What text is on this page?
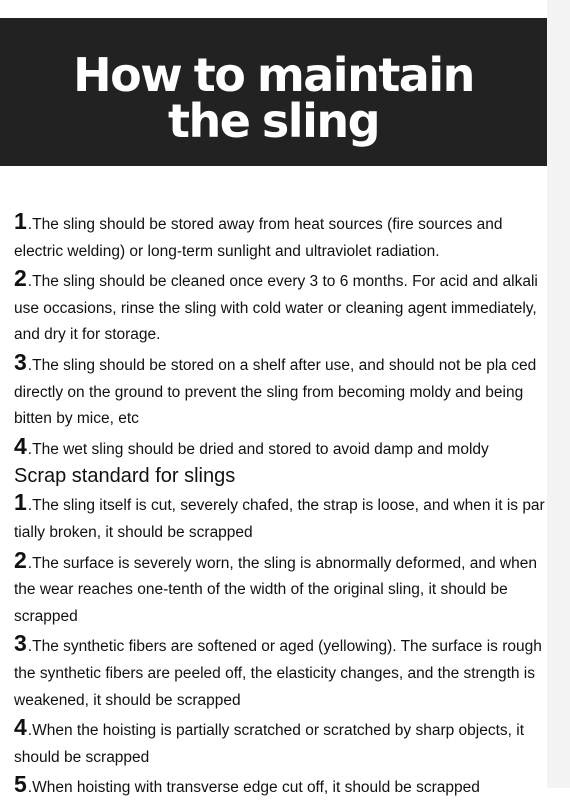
How to maintain
the sling

1.The sling should be stored away from heat sources (fire sources and electric welding) or long-term sunlight and ultraviolet radiation.

2.The sling should be cleaned once every 3 to 6 months. For acid and alkali use occasions, rinse the sling with cold water or cleaning agent immediately, and dry it for storage.

3.The sling should be stored on a shelf after use, and should not be pla ced directly on the ground to prevent the sling from becoming moldy and being bitten by mice, etc

4.The wet sling should be dried and stored to avoid damp and moldy

Scrap standard for slings

1.The sling itself is cut, severely chafed, the strap is loose, and when it is par tially broken, it should be scrapped

2.The surface is severely worn, the sling is abnormally deformed, and when the wear reaches one-tenth of the width of the original sling, it should be scrapped

3.The synthetic fibers are softened or aged (yellowing). The surface is rough the synthetic fibers are peeled off, the elasticity changes, and the strength is weakened, it should be scrapped

4.When the hoisting is partially scratched or scratched by sharp objects, it should be scrapped

5.When hoisting with transverse edge cut off, it should be scrapped
